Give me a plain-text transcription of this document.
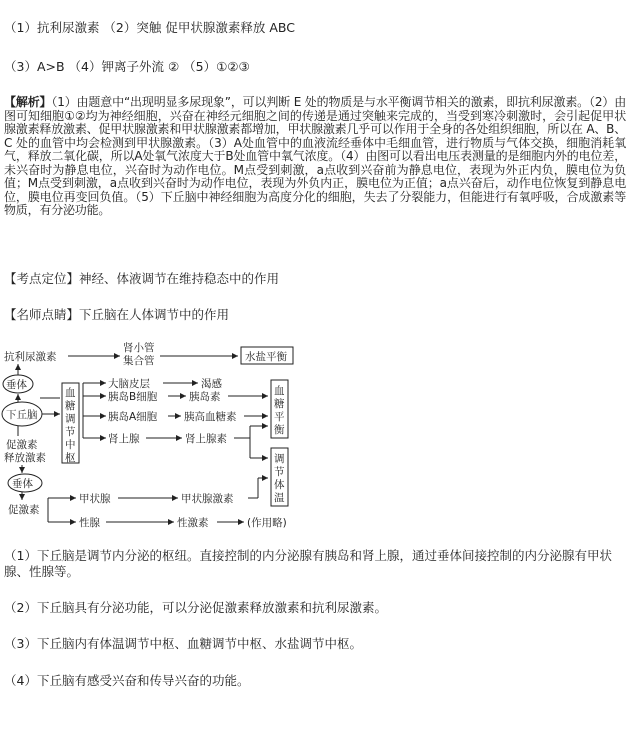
（1）抗利尿激素 （2）突触 促甲状腺激素释放 ABC
（3）A>B （4）钾离子外流 ② （5）①②③
【解析】（1）由题意中“出现明显多尿现象”，可以判断 E 处的物质是与水平衡调节相关的激素，即抗利尿激素。（2）由图可知细胞①②均为神经细胞，兴奋在神经元细胞之间的传递是通过突触来完成的，当受到寒冷刺激时，会引起促甲状腺激素释放激素、促甲状腺激素和甲状腺激素都增加，甲状腺激素几乎可以作用于全身的各处组织细胞，所以在 A、B、C 处的血管中均会检测到甲状腺激素。（3）A处血管中的血液流经垂体中毛细血管，进行物质与气体交换，细胞消耗氧气，释放二氧化碳，所以A处氧气浓度大于B处血管中氧气浓度。（4）由图可以看出电压表测量的是细胞内外的电位差，未兴奋时为静息电位，兴奋时为动作电位。M点受到刺激，a点收到兴奋前为静息电位，表现为外正内负，膜电位为负值；M点受到刺激，a点收到兴奋时为动作电位，表现为外负内正，膜电位为正值；a点兴奋后，动作电位恢复到静息电位，膜电位再变回负值。（5）下丘脑中神经细胞为高度分化的细胞，失去了分裂能力，但能进行有氧呼吸，合成激素等物质，有分泌功能。
【考点定位】神经、体液调节在维持稳态中的作用
【名师点睛】下丘脑在人体调节中的作用
抗利尿激素
肾小管
集合管	水盐平衡
垂体
下丘脑
血
糖
调
节
中
枢
大脑皮层	渴感
胰岛B细胞	胰岛素
胰岛A细胞	胰高血糖素
肾上腺	肾上腺素
血
糖
平
衡
调
节
体
温
促激素
释放激素
垂体
促激素
甲状腺	甲状腺激素
性腺	性激素	(作用略)
（1）下丘脑是调节内分泌的枢纽。直接控制的内分泌腺有胰岛和肾上腺，通过垂体间接控制的内分泌腺有甲状腺、性腺等。
（2）下丘脑具有分泌功能，可以分泌促激素释放激素和抗利尿激素。
（3）下丘脑内有体温调节中枢、血糖调节中枢、水盐调节中枢。
（4）下丘脑有感受兴奋和传导兴奋的功能。
